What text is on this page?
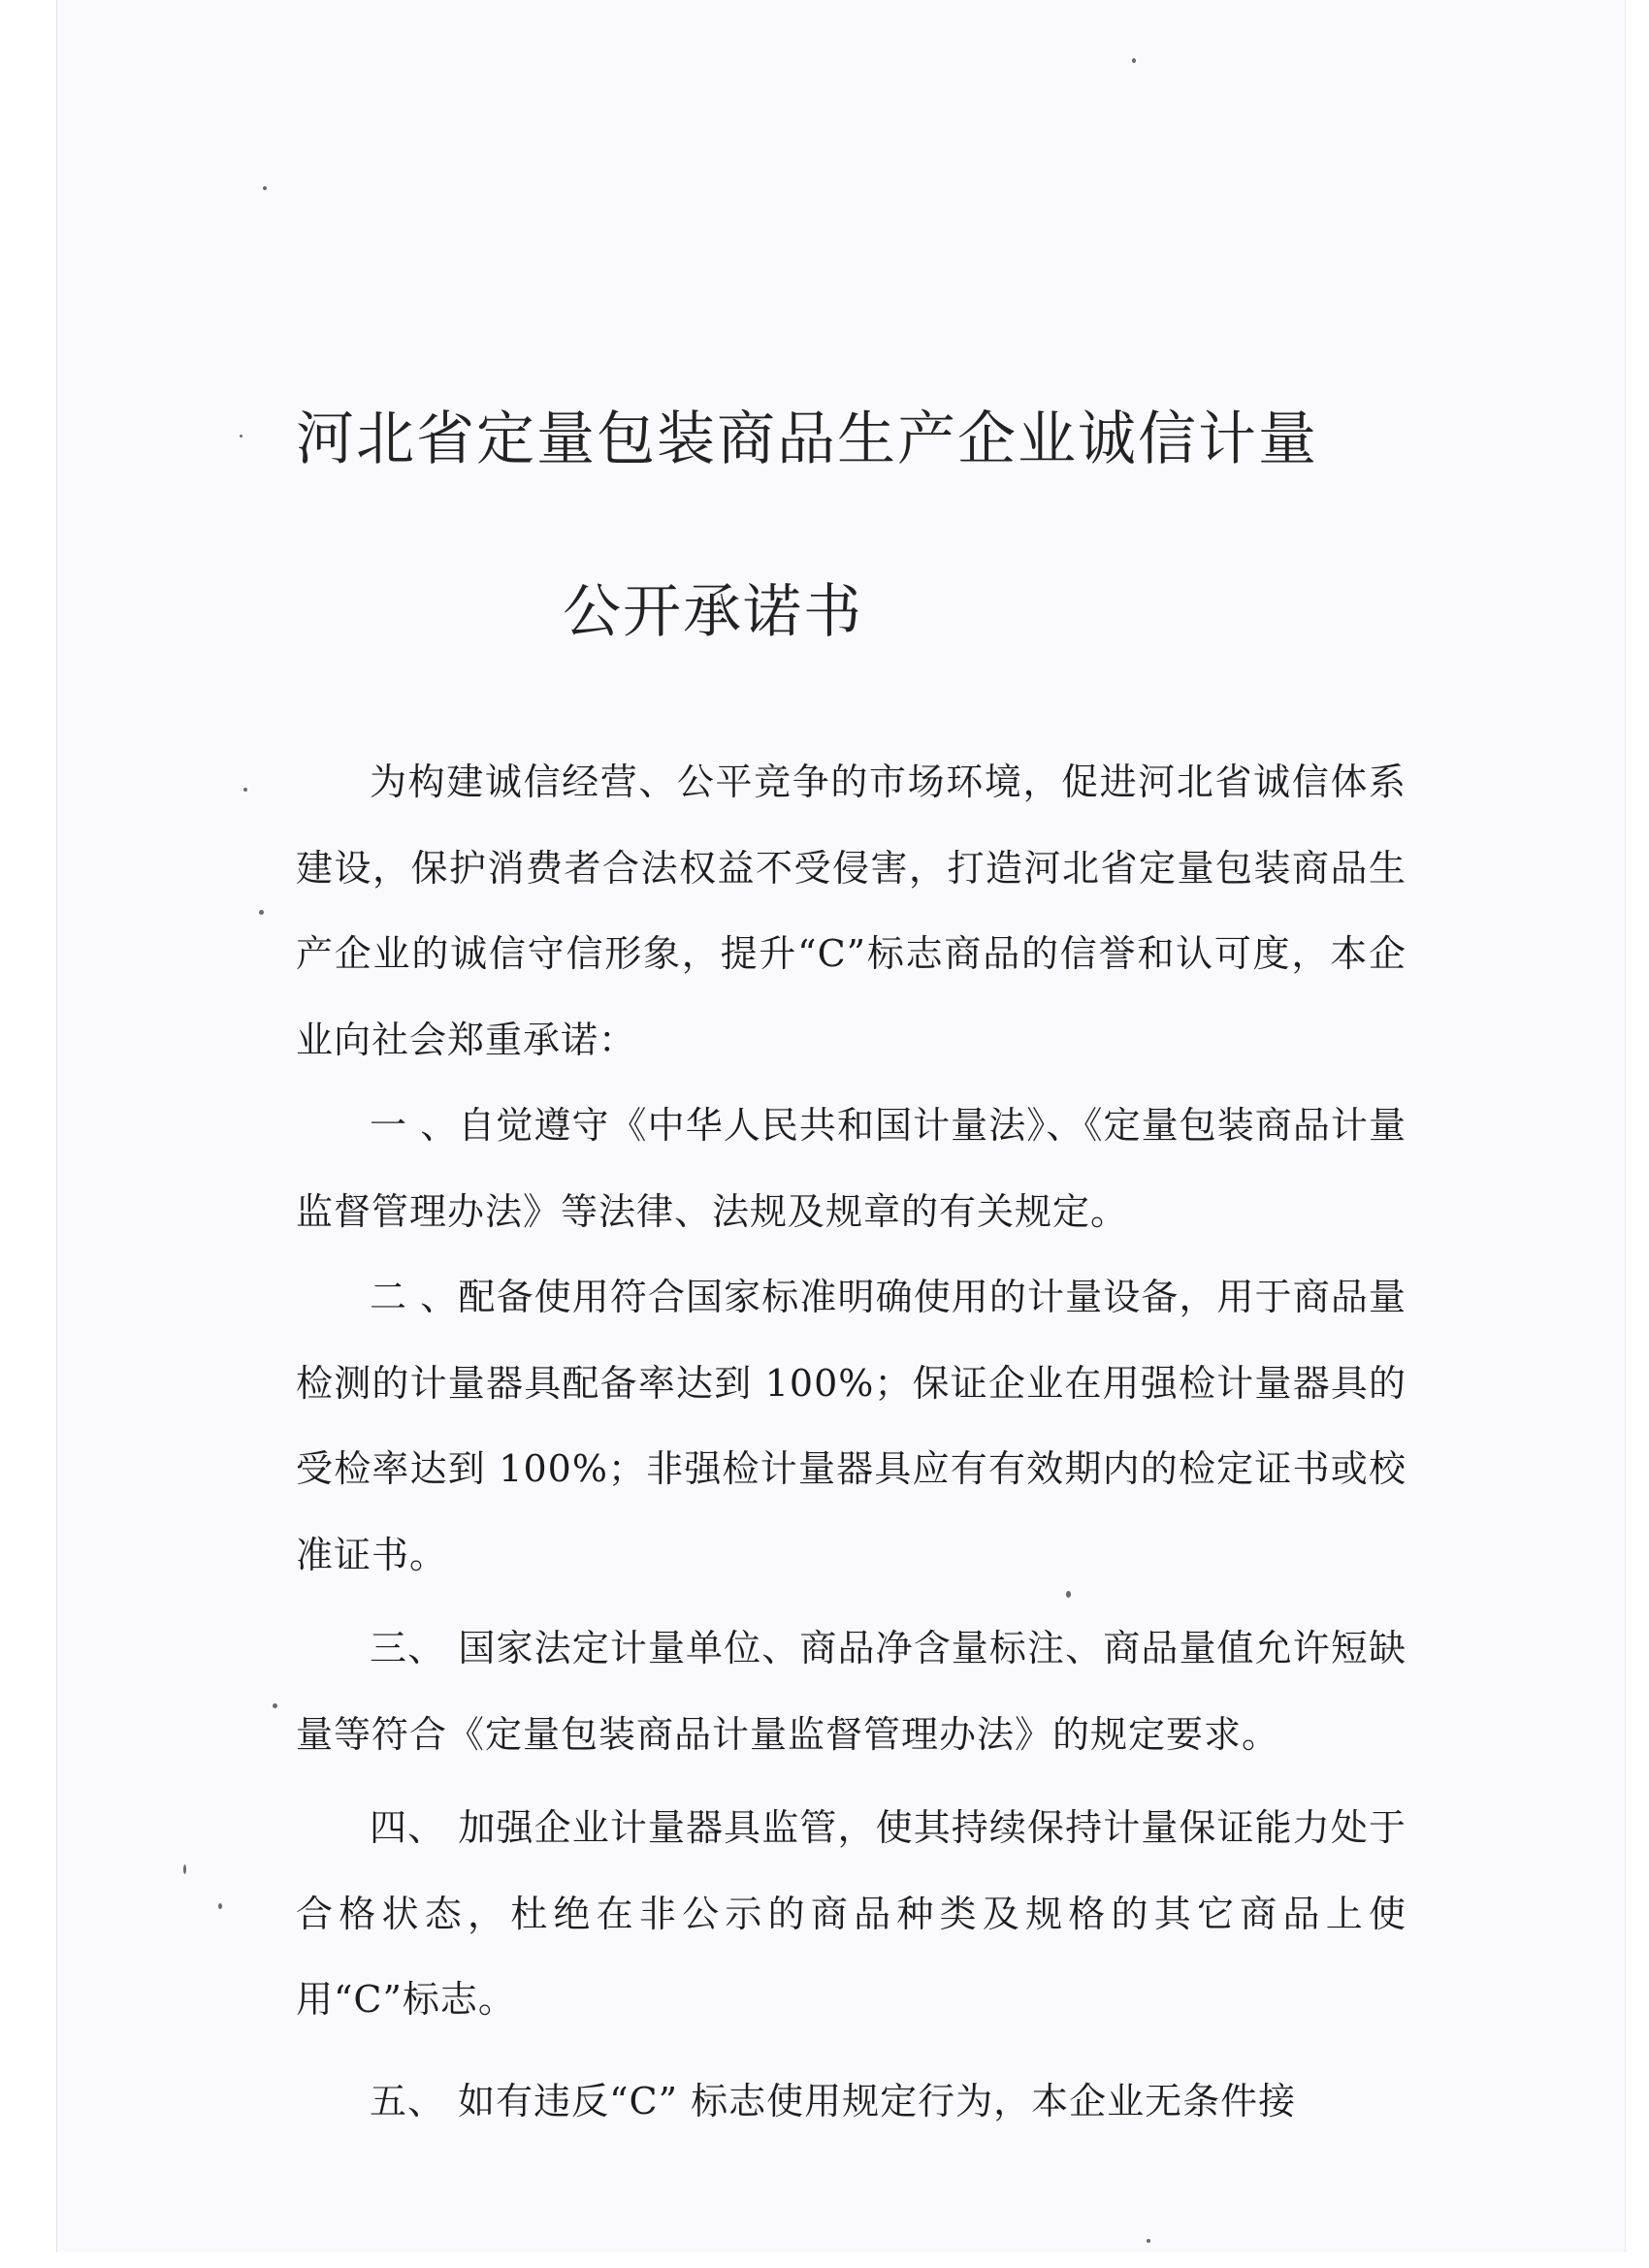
河北省定量包装商品生产企业诚信计量
公开承诺书

为构建诚信经营、公平竞争的市场环境，促进河北省诚信体系建设，保护消费者合法权益不受侵害，打造河北省定量包装商品生产企业的诚信守信形象，提升“C”标志商品的信誉和认可度，本企业向社会郑重承诺：

一 、自觉遵守《中华人民共和国计量法》、《定量包装商品计量监督管理办法》等法律、法规及规章的有关规定。

二 、配备使用符合国家标准明确使用的计量设备，用于商品量检测的计量器具配备率达到 100%；保证企业在用强检计量器具的受检率达到 100%；非强检计量器具应有有效期内的检定证书或校准证书。

三、 国家法定计量单位、商品净含量标注、商品量值允许短缺量等符合《定量包装商品计量监督管理办法》的规定要求。

四、 加强企业计量器具监管，使其持续保持计量保证能力处于合格状态，杜绝在非公示的商品种类及规格的其它商品上使用“C”标志。

五、 如有违反“C” 标志使用规定行为，本企业无条件接
